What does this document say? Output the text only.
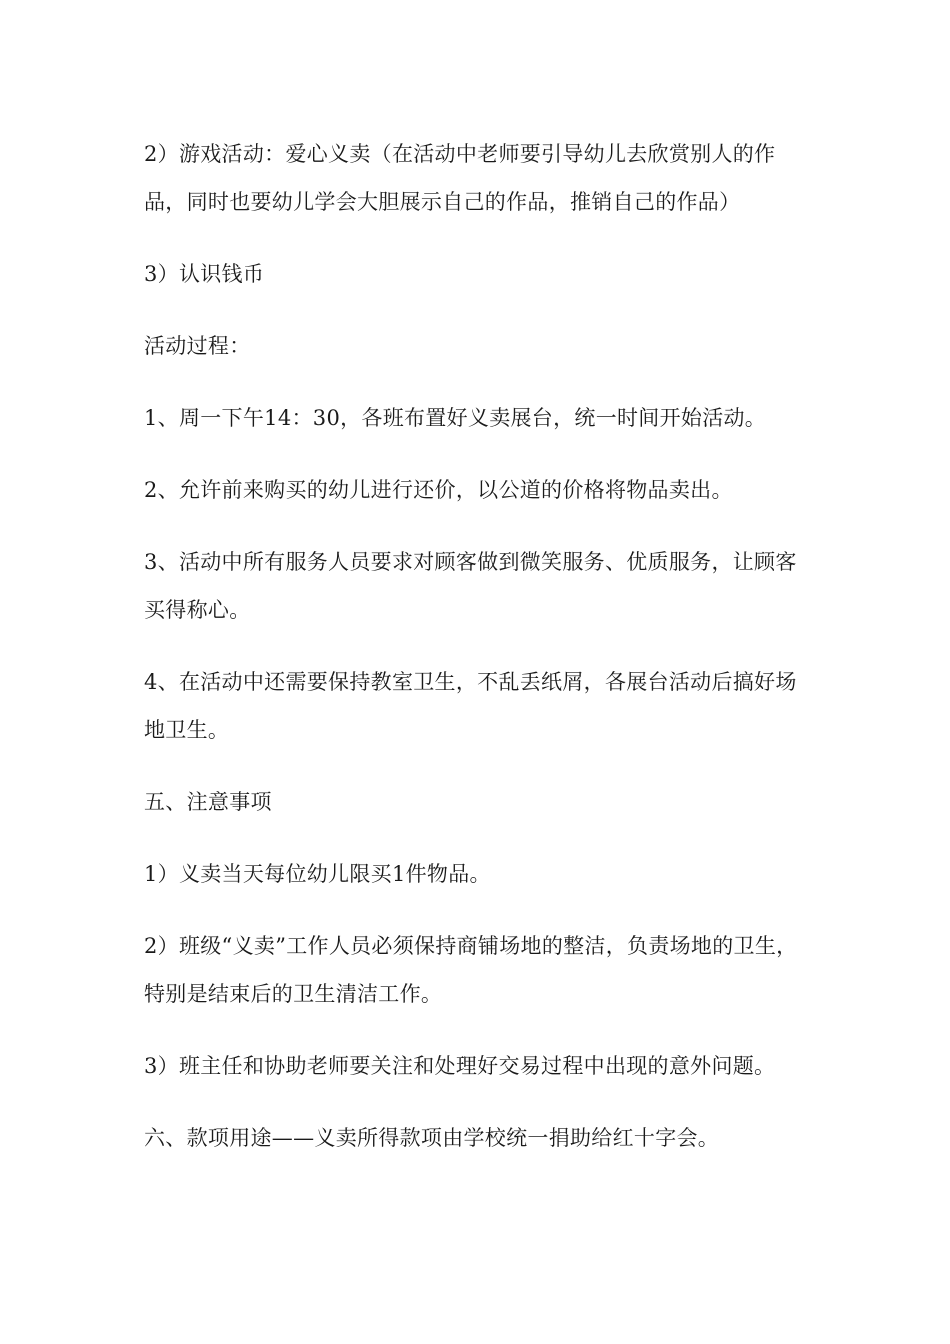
2）游戏活动：爱心义卖（在活动中老师要引导幼儿去欣赏别人的作品，同时也要幼儿学会大胆展示自己的作品，推销自己的作品）

3）认识钱币

活动过程：

1、周一下午14：30，各班布置好义卖展台，统一时间开始活动。

2、允许前来购买的幼儿进行还价，以公道的价格将物品卖出。

3、活动中所有服务人员要求对顾客做到微笑服务、优质服务，让顾客买得称心。

4、在活动中还需要保持教室卫生，不乱丢纸屑，各展台活动后搞好场地卫生。

五、注意事项

1）义卖当天每位幼儿限买1件物品。

2）班级“义卖”工作人员必须保持商铺场地的整洁，负责场地的卫生，特别是结束后的卫生清洁工作。

3）班主任和协助老师要关注和处理好交易过程中出现的意外问题。

六、款项用途——义卖所得款项由学校统一捐助给红十字会。
